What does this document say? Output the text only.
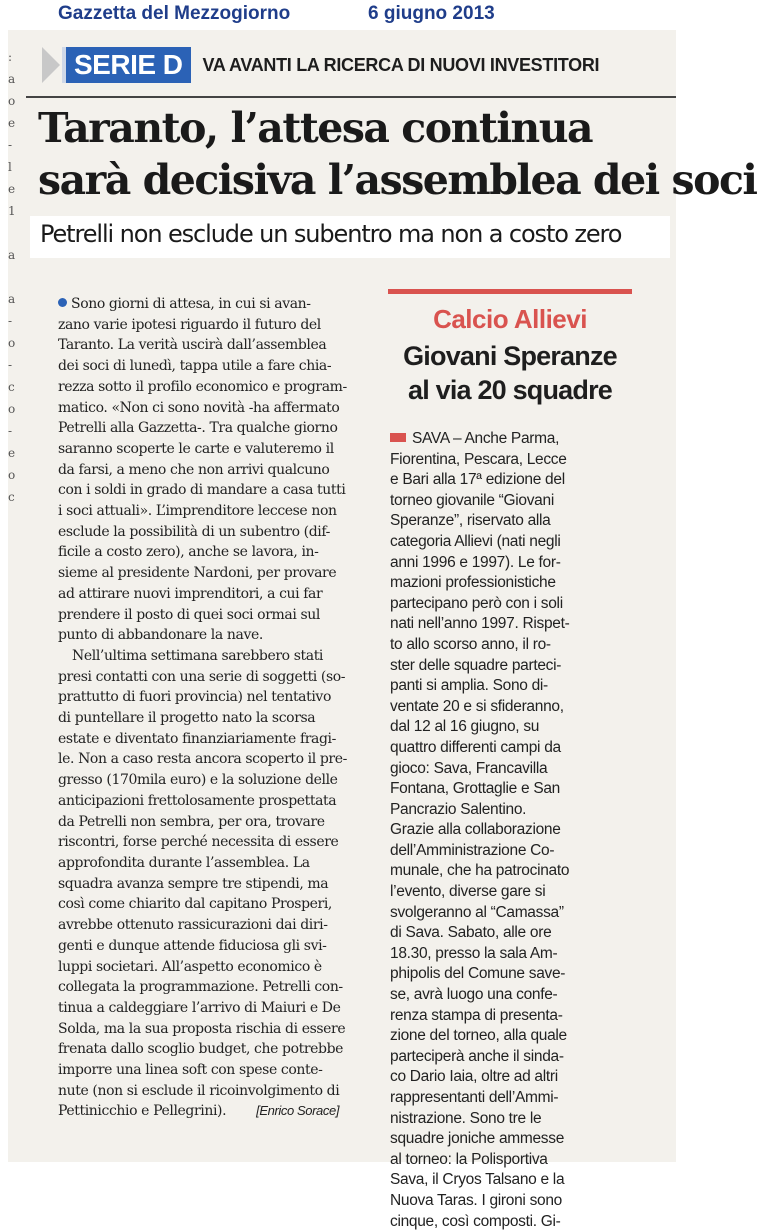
Gazzetta del Mezzogiorno	6 giugno 2013
:
a
o
e
-
l
e
1

a

a
-
o
-
c
o
-
e
o
c
SERIE D	VA AVANTI LA RICERCA DI NUOVI INVESTITORI
Taranto, l’attesa continua
sarà decisiva l’assemblea dei soci
Petrelli non esclude un subentro ma non a costo zero

Sono giorni di attesa, in cui si avan-
zano varie ipotesi riguardo il futuro del
Taranto. La verità uscirà dall’assemblea
dei soci di lunedì, tappa utile a fare chia-
rezza sotto il profilo economico e program-
matico. «Non ci sono novità -ha affermato
Petrelli alla Gazzetta-. Tra qualche giorno
saranno scoperte le carte e valuteremo il
da farsi, a meno che non arrivi qualcuno
con i soldi in grado di mandare a casa tutti
i soci attuali». L’imprenditore leccese non
esclude la possibilità di un subentro (dif-
ficile a costo zero), anche se lavora, in-
sieme al presidente Nardoni, per provare
ad attirare nuovi imprenditori, a cui far
prendere il posto di quei soci ormai sul
punto di abbandonare la nave.

Nell’ultima settimana sarebbero stati
presi contatti con una serie di soggetti (so-
prattutto di fuori provincia) nel tentativo
di puntellare il progetto nato la scorsa
estate e diventato finanziariamente fragi-
le. Non a caso resta ancora scoperto il pre-
gresso (170mila euro) e la soluzione delle
anticipazioni frettolosamente prospettata
da Petrelli non sembra, per ora, trovare
riscontri, forse perché necessita di essere
approfondita durante l’assemblea. La
squadra avanza sempre tre stipendi, ma
così come chiarito dal capitano Prosperi,
avrebbe ottenuto rassicurazioni dai diri-
genti e dunque attende fiduciosa gli svi-
luppi societari. All’aspetto economico è
collegata la programmazione. Petrelli con-
tinua a caldeggiare l’arrivo di Maiuri e De
Solda, ma la sua proposta rischia di essere
frenata dallo scoglio budget, che potrebbe
imporre una linea soft con spese conte-
nute (non si esclude il ricoinvolgimento di
Pettinicchio e Pellegrini). [Enrico Sorace]

Calcio Allievi
Giovani Speranze
al via 20 squadre
SAVA – Anche Parma,
Fiorentina, Pescara, Lecce
e Bari alla 17ª edizione del
torneo giovanile “Giovani
Speranze”, riservato alla
categoria Allievi (nati negli
anni 1996 e 1997). Le for-
mazioni professionistiche
partecipano però con i soli
nati nell’anno 1997. Rispet-
to allo scorso anno, il ro-
ster delle squadre parteci-
panti si amplia. Sono di-
ventate 20 e si sfideranno,
dal 12 al 16 giugno, su
quattro differenti campi da
gioco: Sava, Francavilla
Fontana, Grottaglie e San
Pancrazio Salentino.
Grazie alla collaborazione
dell’Amministrazione Co-
munale, che ha patrocinato
l’evento, diverse gare si
svolgeranno al “Camassa”
di Sava. Sabato, alle ore
18.30, presso la sala Am-
phipolis del Comune save-
se, avrà luogo una confe-
renza stampa di presenta-
zione del torneo, alla quale
parteciperà anche il sinda-
co Dario Iaia, oltre ad altri
rappresentanti dell’Ammi-
nistrazione. Sono tre le
squadre joniche ammesse
al torneo: la Polisportiva
Sava, il Cryos Talsano e la
Nuova Taras. I gironi sono
cinque, così composti. Gi-
